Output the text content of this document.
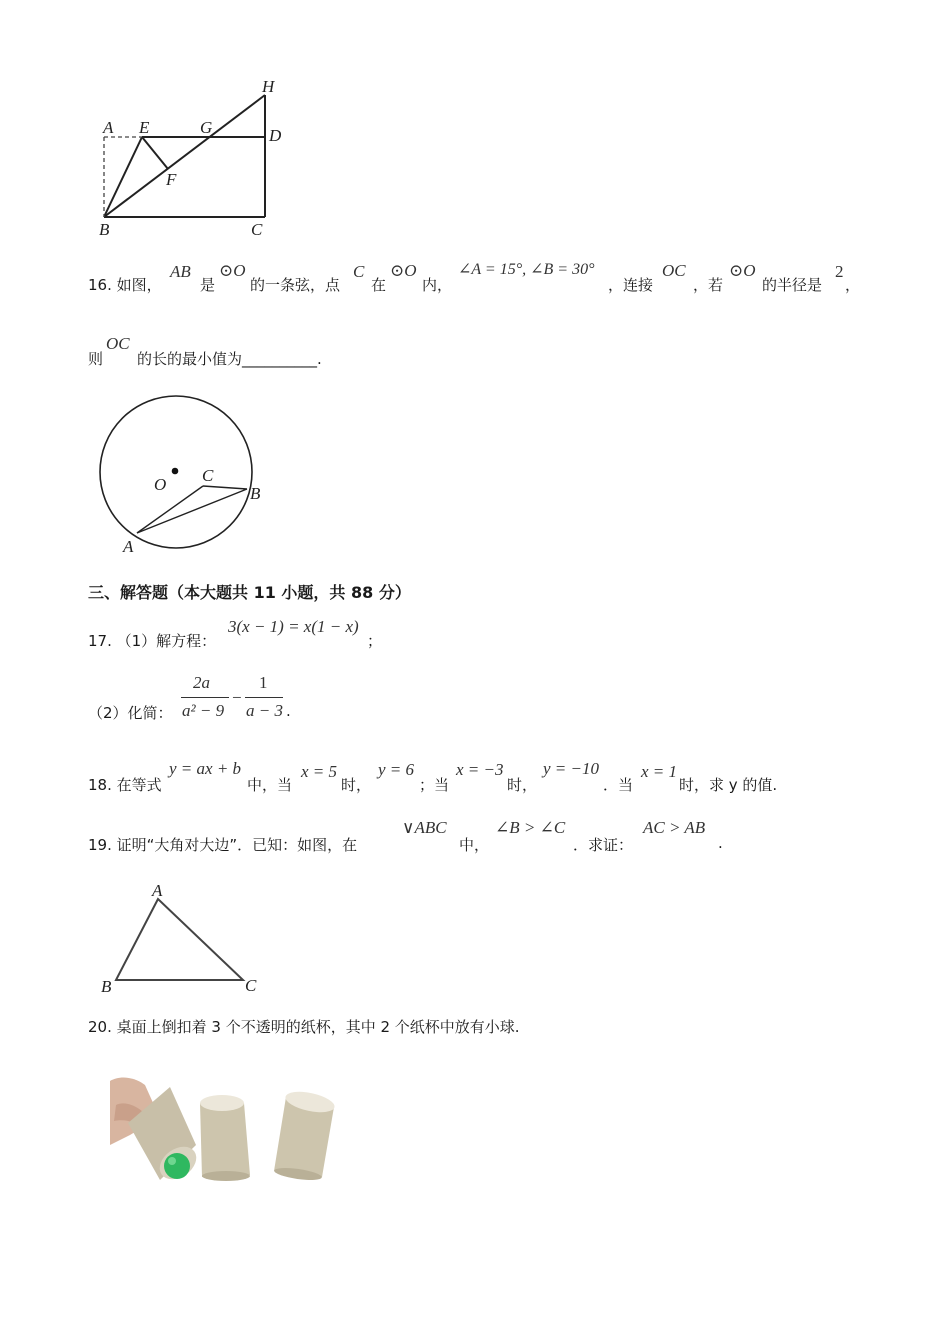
A E	G
H
D
F
B	C
16. 如图，
AB
是
⊙O
的一条弦，点
C
在
⊙O
内，
∠A = 15°, ∠B = 30°
，连接
OC
，若
⊙O
的半径是
2
，
则
OC
的长的最小值为__________.
O C
B
A
三、解答题（本大题共 11 小题，共 88 分）
17. （1）解方程：
3(x − 1) = x(1 − x)
；
（2）化简：
2a
a² − 9
−
1
a − 3 .
18. 在等式
y = ax + b
中，当
x = 5
时，
y = 6
；当
x = −3
时，
y = −10
．当
x = 1
时，求 y 的值.
19. 证明“大角对大边”．已知：如图，在
∨ABC
中，
∠B > ∠C
．求证：
AC > AB
.
A
B	C
20. 桌面上倒扣着 3 个不透明的纸杯，其中 2 个纸杯中放有小球.
